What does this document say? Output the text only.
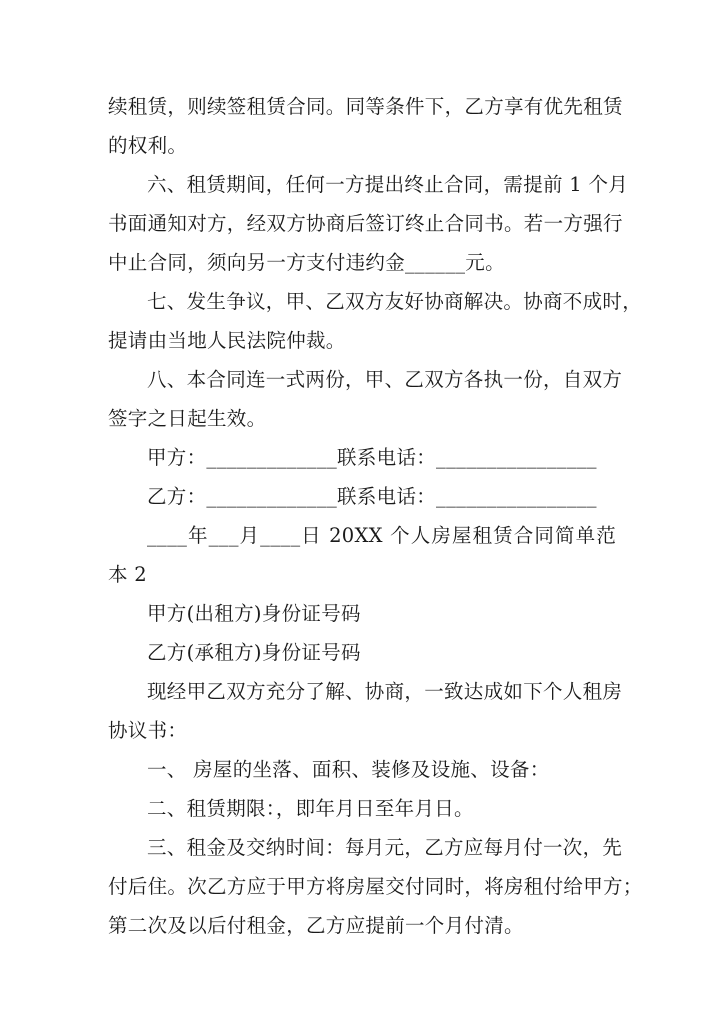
续租赁，则续签租赁合同。同等条件下，乙方享有优先租赁
的权利。
六、租赁期间，任何一方提出终止合同，需提前 1 个月
书面通知对方，经双方协商后签订终止合同书。若一方强行
中止合同，须向另一方支付违约金______元。
七、发生争议，甲、乙双方友好协商解决。协商不成时，
提请由当地人民法院仲裁。
八、本合同连一式两份，甲、乙双方各执一份，自双方
签字之日起生效。
甲方：_____________联系电话：________________
乙方：_____________联系电话：________________
____年___月____日 20XX 个人房屋租赁合同简单范
本 2
甲方(出租方)身份证号码
乙方(承租方)身份证号码
现经甲乙双方充分了解、协商，一致达成如下个人租房
协议书：
一、 房屋的坐落、面积、装修及设施、设备：
二、租赁期限：，即年月日至年月日。
三、租金及交纳时间：每月元，乙方应每月付一次，先
付后住。次乙方应于甲方将房屋交付同时，将房租付给甲方；
第二次及以后付租金，乙方应提前一个月付清。
